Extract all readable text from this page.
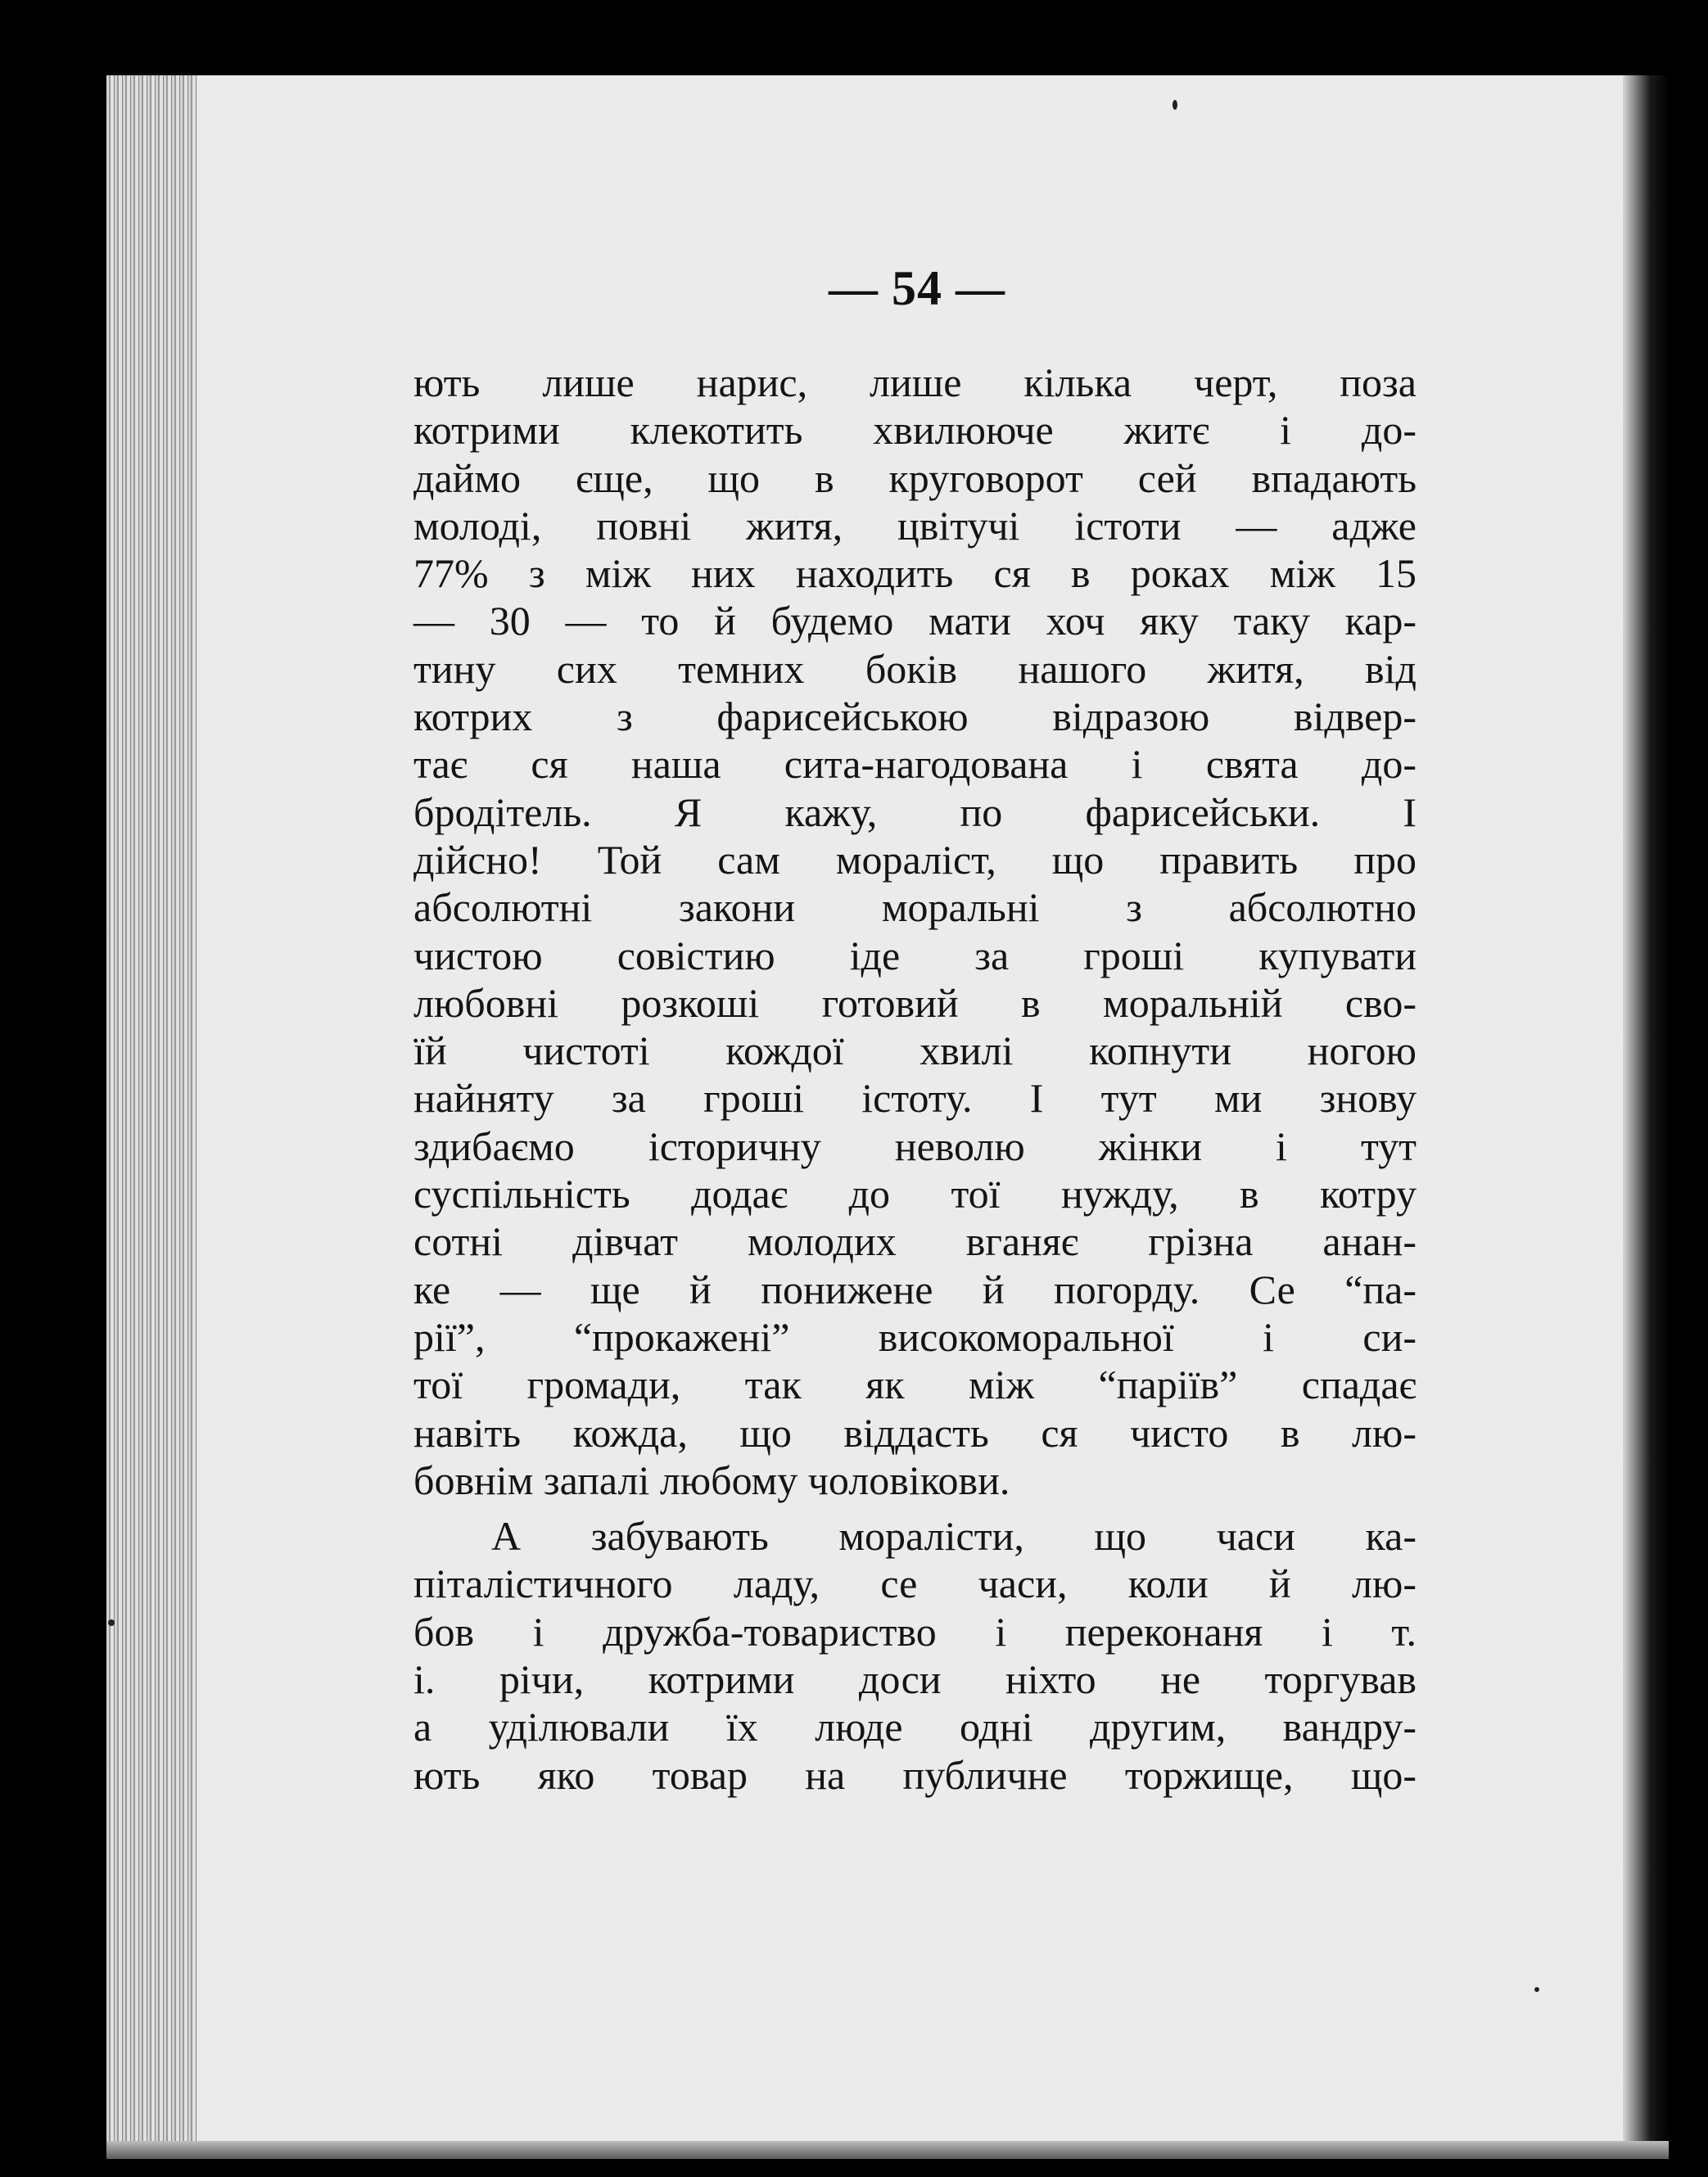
— 54 —
ють лише нарис, лише кілька черт, поза
котрими клекотить хвилююче житє і до-
даймо єще, що в круговорот сей впадають
молоді, повні житя, цвітучі істоти — адже
77% з між них находить ся в роках між 15
— 30 — то й будемо мати хоч яку таку кар-
тину сих темних боків нашого житя, від
котрих з фарисейською відразою відвер-
тає ся наша сита-нагодована і свята до-
бродітель. Я кажу, по фарисейськи. І
дійсно! Той сам мораліст, що править про
абсолютні закони моральні з абсолютно
чистою совістию іде за гроші купувати
любовні розкоші готовий в моральній сво-
їй чистоті кождої хвилі копнути ногою
найняту за гроші істоту. І тут ми знову
здибаємо історичну неволю жінки і тут
суспільність додає до тої нужду, в котру
сотні дівчат молодих вганяє грізна анан-
ке — ще й понижене й погорду. Се “па-
рії”, “прокажені” високоморальної і си-
тої громади, так як між “паріїв” спадає
навіть кожда, що віддасть ся чисто в лю-
бовнім запалі любому чоловікови.
А забувають моралісти, що часи ка-
піталістичного ладу, се часи, коли й лю-
бов і дружба-товариство і переконаня і т.
і. річи, котрими доси ніхто не торгував
а уділювали їх люде одні другим, вандру-
ють яко товар на публичне торжище, що-
